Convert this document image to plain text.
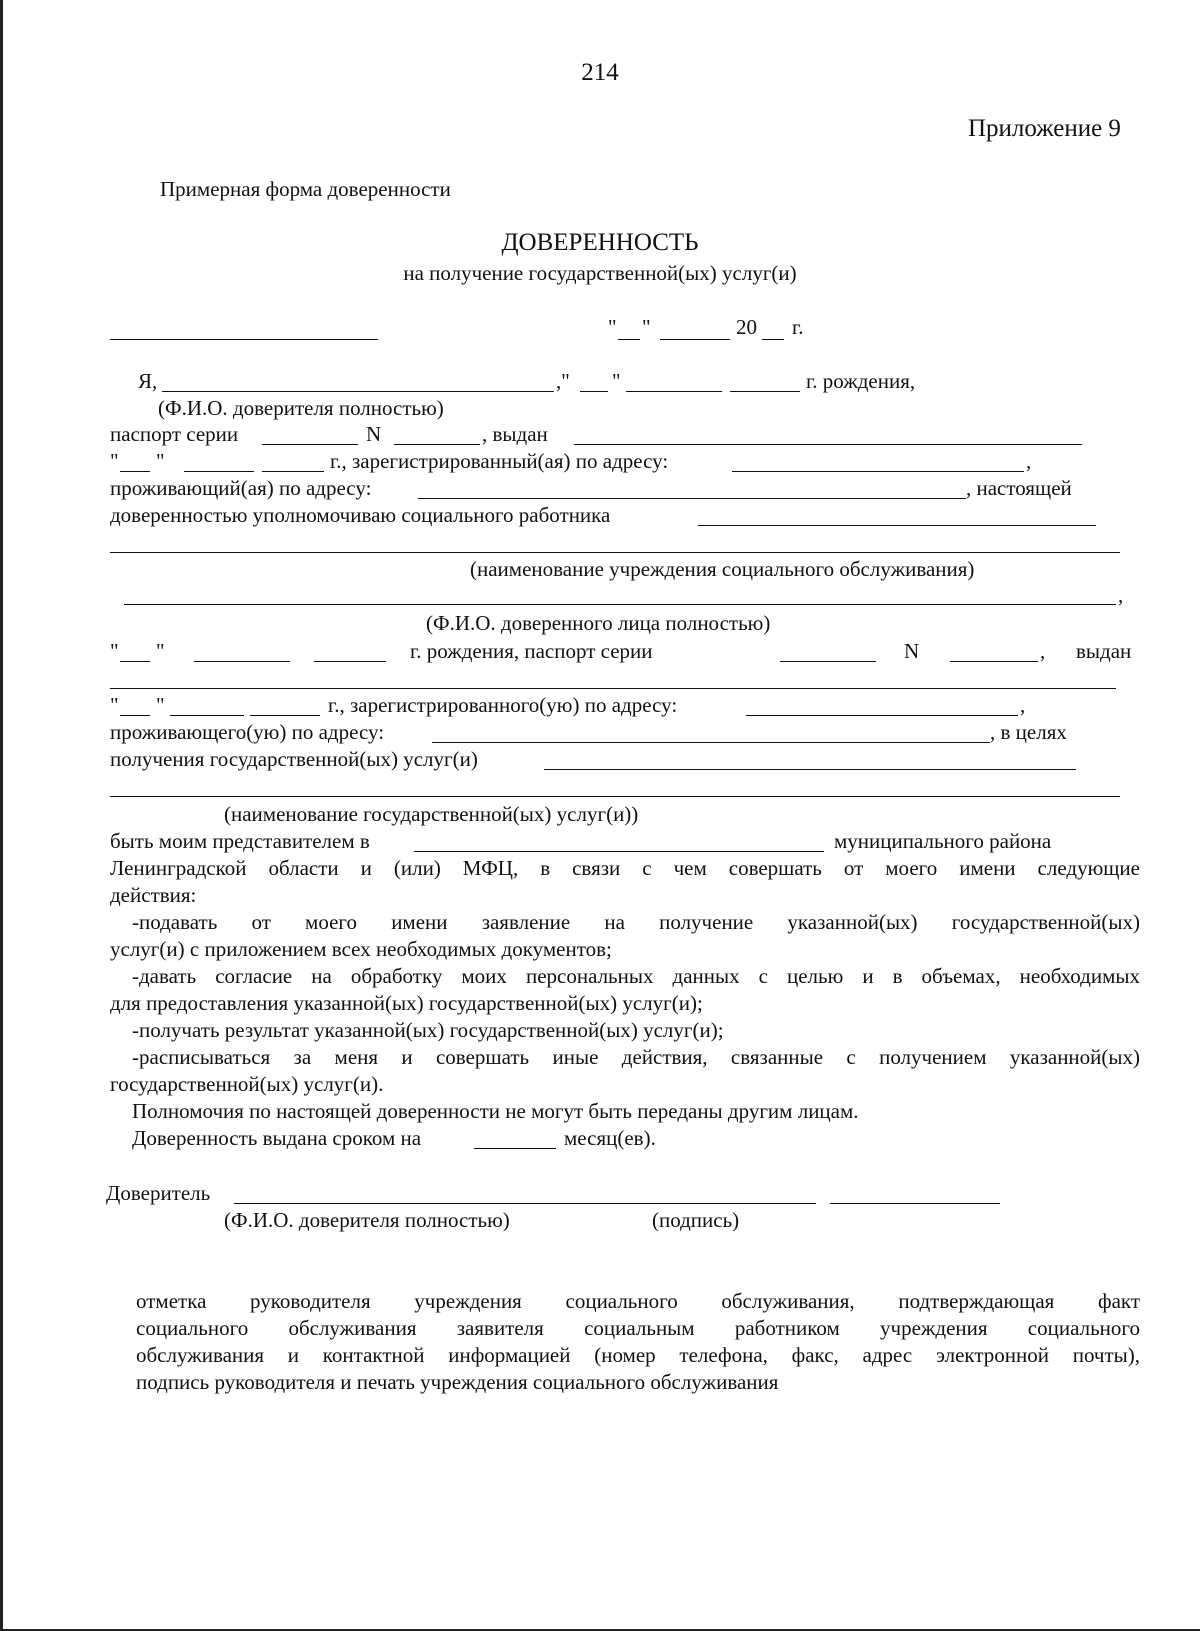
214
Приложение 9
Примерная форма доверенности
ДОВЕРЕННОСТЬ
на получение государственной(ых) услуг(и)
" "	20 г.
Я,	," "	г. рождения,
(Ф.И.О. доверителя полностью)
паспорт серии	N	, выдан
" "	г., зарегистрированный(ая) по адресу:	,
проживающий(ая) по адресу:	, настоящей
доверенностью уполномочиваю социального работника
(наименование учреждения социального обслуживания)
,
(Ф.И.О. доверенного лица полностью)
" "	г. рождения, паспорт серии	N	, выдан
" "	г., зарегистрированного(ую) по адресу:	,
проживающего(ую) по адресу:	, в целях
получения государственной(ых) услуг(и)
(наименование государственной(ых) услуг(и))
быть моим представителем в	муниципального района
Ленинградской области и (или) МФЦ, в связи с чем совершать от моего имени следующие
действия:
-подавать от моего имени заявление на получение указанной(ых) государственной(ых)
услуг(и) с приложением всех необходимых документов;
-давать согласие на обработку моих персональных данных с целью и в объемах, необходимых
для предоставления указанной(ых) государственной(ых) услуг(и);
-получать результат указанной(ых) государственной(ых) услуг(и);
-расписываться за меня и совершать иные действия, связанные с получением указанной(ых)
государственной(ых) услуг(и).
Полномочия по настоящей доверенности не могут быть переданы другим лицам.
Доверенность выдана сроком на	месяц(ев).
Доверитель
(Ф.И.О. доверителя полностью)	(подпись)
отметка руководителя учреждения социального обслуживания, подтверждающая факт
социального обслуживания заявителя социальным работником учреждения социального
обслуживания и контактной информацией (номер телефона, факс, адрес электронной почты),
подпись руководителя и печать учреждения социального обслуживания
